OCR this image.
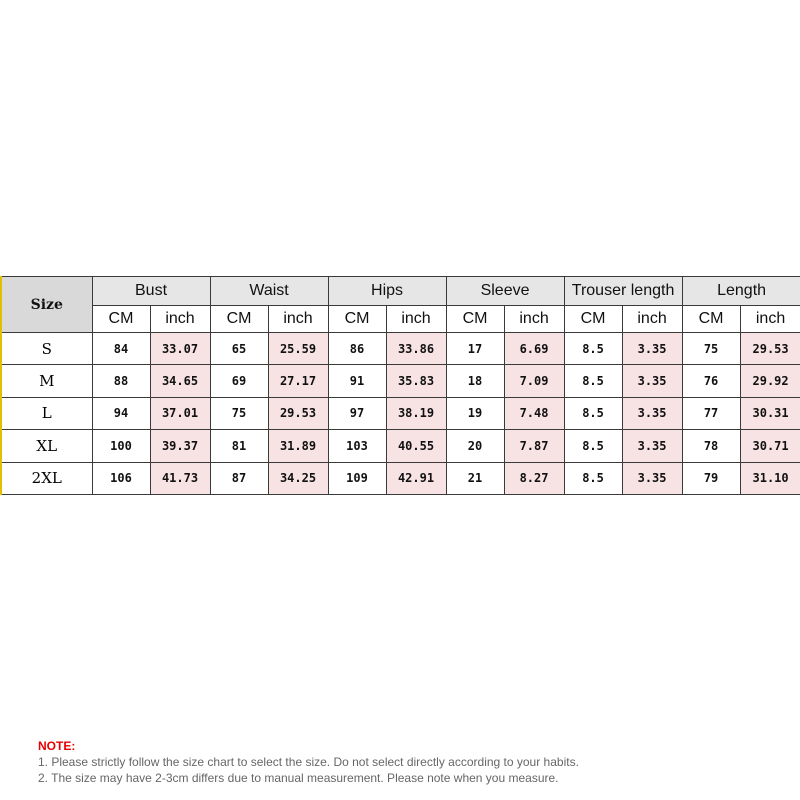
Size	Bust		Waist		Hips		Sleeve		Trouser length		Length	
	CM	inch	CM	inch	CM	inch	CM	inch	CM	inch	CM	inch
S	84	33.07	65	25.59	86	33.86	17	6.69	8.5	3.35	75	29.53
M	88	34.65	69	27.17	91	35.83	18	7.09	8.5	3.35	76	29.92
L	94	37.01	75	29.53	97	38.19	19	7.48	8.5	3.35	77	30.31
XL	100	39.37	81	31.89	103	40.55	20	7.87	8.5	3.35	78	30.71
2XL	106	41.73	87	34.25	109	42.91	21	8.27	8.5	3.35	79	31.10
NOTE:
1. Please strictly follow the size chart to select the size. Do not select directly according to your habits.
2. The size may have 2-3cm differs due to manual measurement. Please note when you measure.
